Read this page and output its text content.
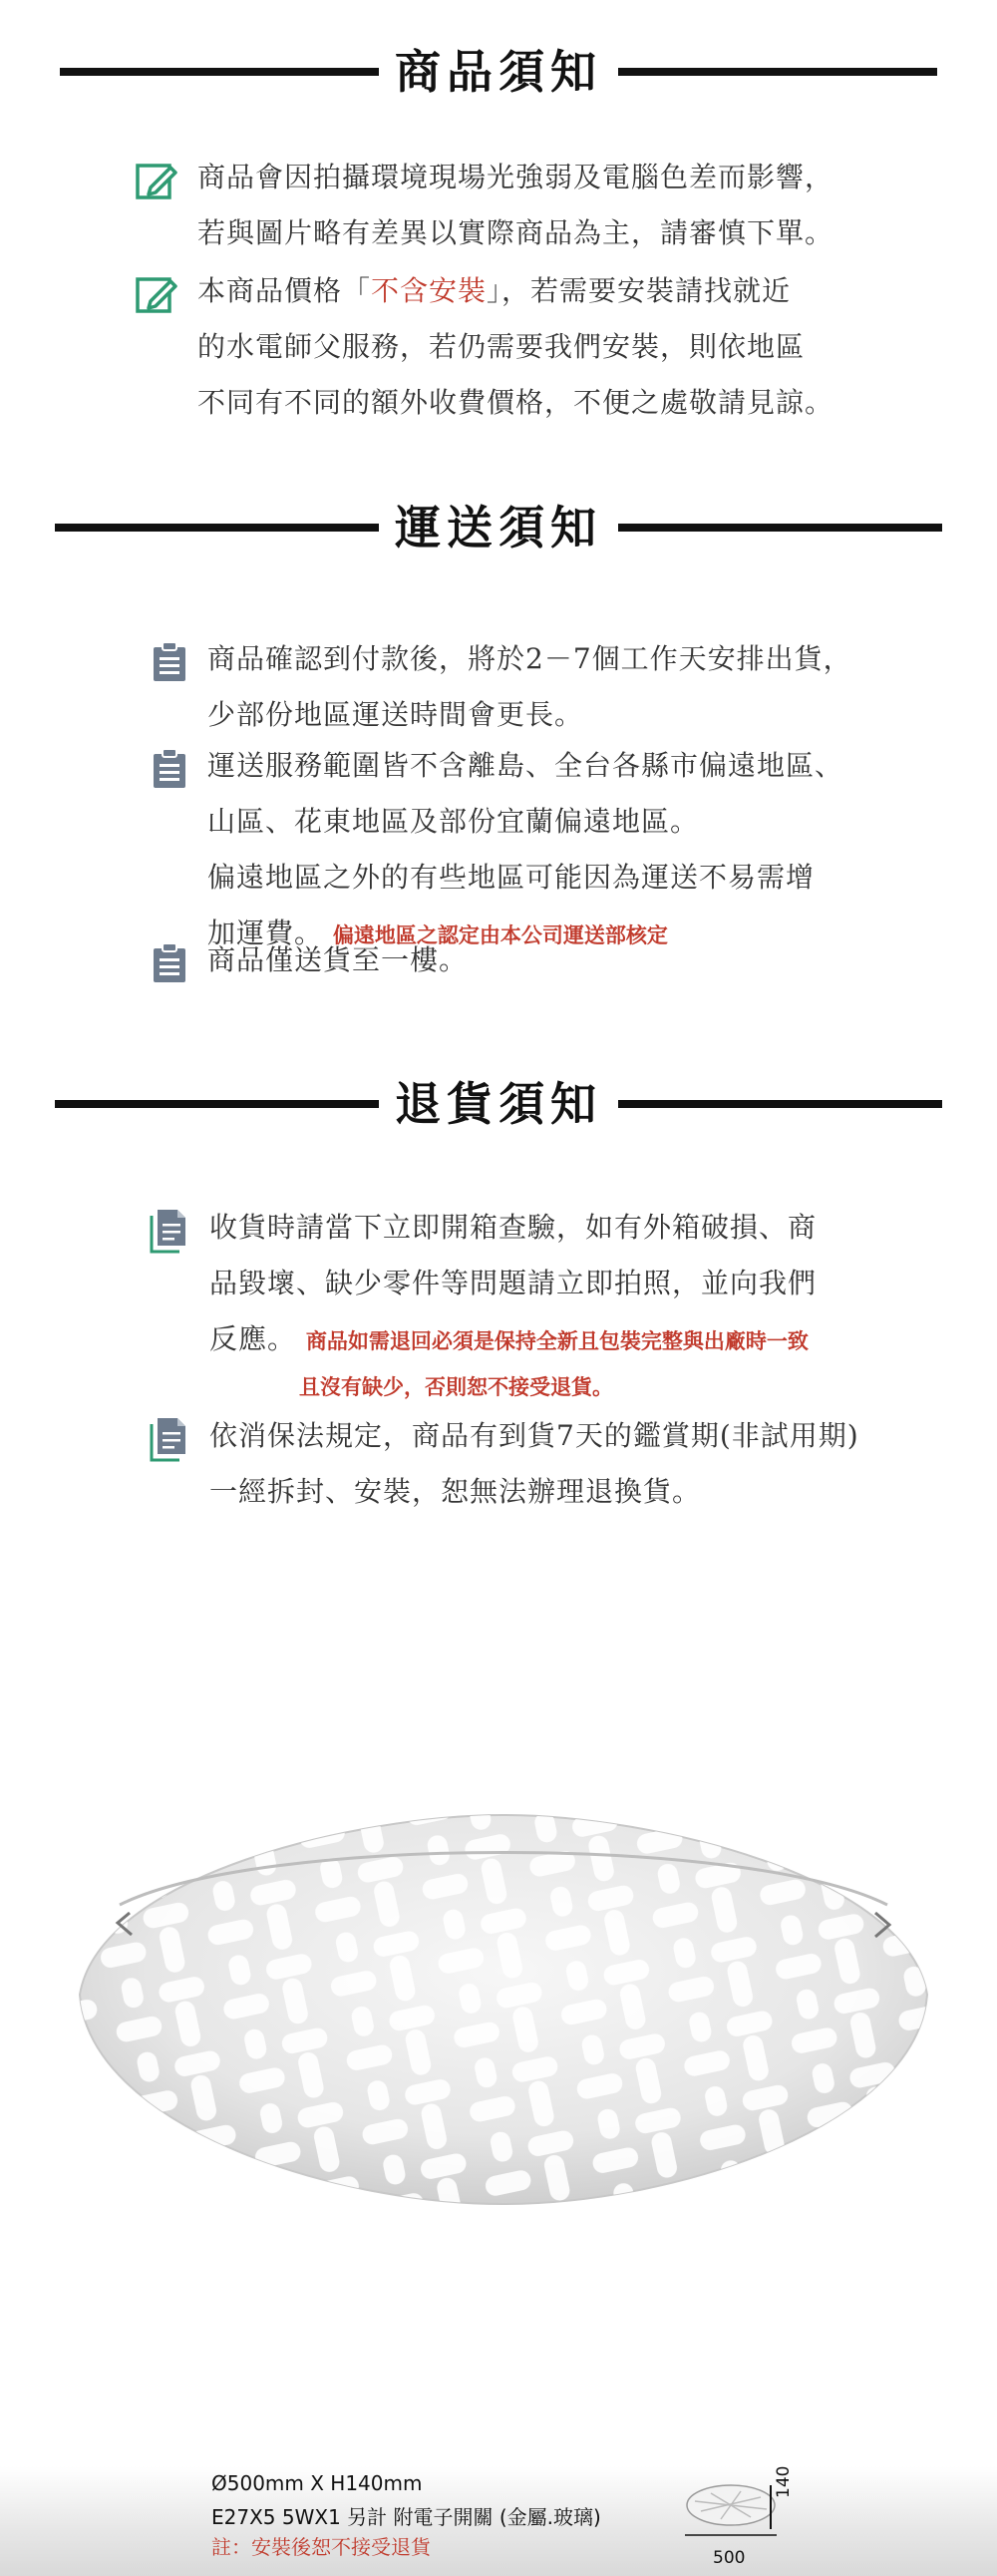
商品須知
商品會因拍攝環境現場光強弱及電腦色差而影響，
若與圖片略有差異以實際商品為主，請審慎下單。
本商品價格「不含安裝」，若需要安裝請找就近
的水電師父服務，若仍需要我們安裝，則依地區
不同有不同的額外收費價格，不便之處敬請見諒。
運送須知
商品確認到付款後，將於2－7個工作天安排出貨，
少部份地區運送時間會更長。
運送服務範圍皆不含離島、全台各縣市偏遠地區、
山區、花東地區及部份宜蘭偏遠地區。
偏遠地區之外的有些地區可能因為運送不易需增
加運費。 偏遠地區之認定由本公司運送部核定
商品僅送貨至一樓。
退貨須知
收貨時請當下立即開箱查驗，如有外箱破損、商
品毀壞、缺少零件等問題請立即拍照，並向我們
反應。 商品如需退回必須是保持全新且包裝完整與出廠時一致
且沒有缺少，否則恕不接受退貨。
依消保法規定，商品有到貨7天的鑑賞期(非試用期)
一經拆封、安裝，恕無法辦理退換貨。
Ø500mm X H140mm
E27X5 5WX1 另計 附電子開關 (金屬.玻璃)
註：安裝後恕不接受退貨	500
140
